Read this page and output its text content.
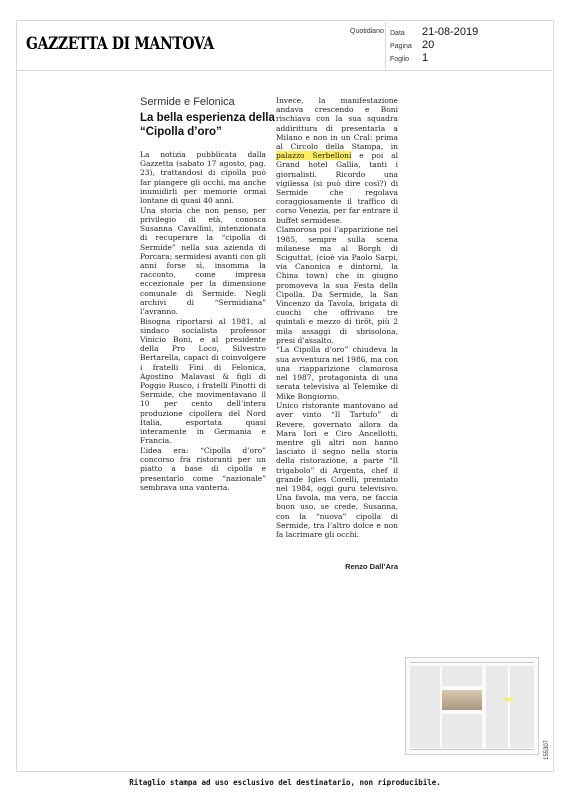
GAZZETTA DI MANTOVA
Quotidiano Data	21-08-2019
Pagina 20
Foglio	1
Sermide e Felonica
La bella esperienza della “Cipolla d’oro”

La notizia pubblicata dalla Gazzetta (sabato 17 agosto, pag. 23), trattandosi di cipolla può far piangere gli occhi, ma anche inumidirli per memorie ormai lontane di quasi 40 anni.

Una storia che non penso, per privilegio di età, conosca Susanna Cavallini, intenzionata di recuperare la “cipolla di Sermide” nella sua azienda di Porcara; sermidesi avanti con gli anni forse sì, insomma la racconto, come impresa eccezionale per la dimensione comunale di Sermide. Negli archivi di “Sermidiana” l’avranno.

Bisogna riportarsi al 1981, al sindaco socialista professor Vinicio Boni, e al presidente della Pro Loco, Silvestro Bertarella, capaci di coinvolgere i fratelli Fini di Felonica, Agostino Malavasi & figli di Poggio Rusco, i fratelli Pinotti di Sermide, che movimentavano il 10 per cento dell’intera produzione cipollera del Nord Italia, esportata quasi interamente in Germania e Francia.

L’idea era: “Cipolla d’oro” concorso fra ristoranti per un piatto a base di cipolla e presentarlo come “nazionale” sembrava una vanteria.

Invece, la manifestazione andava crescendo e Boni rischiava con la sua squadra addirittura di presentarla a Milano e non in un Cral: prima al Circolo della Stampa, in palazzo Serbelloni e poi al Grand hotel Gallia, tanti i giornalisti. Ricordo una vigilessa (si può dire così?) di Sermide che regolava coraggiosamente il traffico di corso Venezia, per far entrare il buffet sermidese.

Clamorosa poi l’apparizione nel 1985, sempre sulla scena milanese ma al Borgh di Sciguttat, (cioè via Paolo Sarpi, via Canonica e dintorni, la China town) che in giugno promoveva la sua Festa della Cipolla. Da Sermide, la San Vincenzo da Tavola, brigata di cuochi che offrivano tre quintali e mezzo di tirôt, più 2 mila assaggi di sbrisolona, presi d’assalto.

“La Cipolla d’oro” chiudeva la sua avventura nel 1986, ma con una riapparizione clamorosa nel 1987, protagonista di una serata televisiva al Telemike di Mike Bongiorno.

Unico ristorante mantovano ad aver vinto “Il Tartufo” di Revere, governato allora da Mara Iori e Ciro Ancellotti, mentre gli altri non hanno lasciato il segno nella storia della ristorazione, a parte “Il trigabolo” di Argenta, chef il grande Igles Corelli, premiato nel 1984, oggi guru televisivo. Una favola, ma vera, ne faccia buon uso, se crede, Susanna, con la “nuova” cipolla di Sermide, tra l’altro dolce e non fa lacrimare gli occhi.

Renzo Dall’Ara
155307
Ritaglio stampa ad uso esclusivo del destinatario, non riproducibile.
